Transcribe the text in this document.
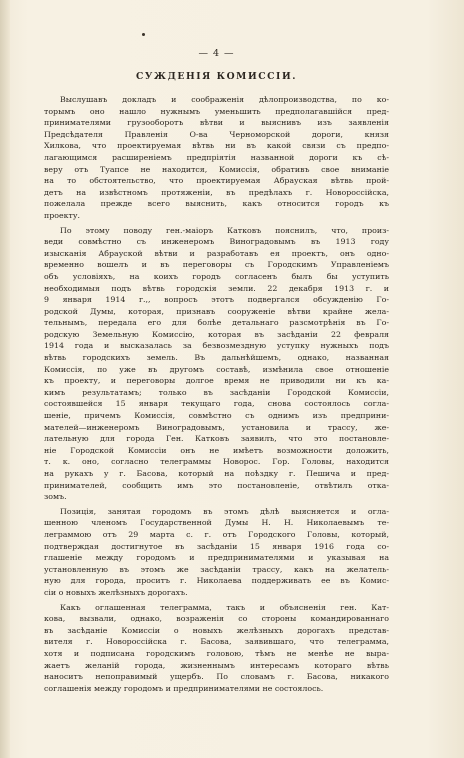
— 4 —
СУЖДЕНІЯ КОМИССІИ.
Выслушавъ докладъ и соображенія дѣлопроизводства, по ко-
торымъ оно нашло нужнымъ уменьшить предполагавшійся пред-
принимателями грузооборотъ вѣтви и выяснивъ изъ заявленія
Предсѣдателя Правленія О-ва Черноморской дороги, князя
Хилкова, что проектируемая вѣтвь ни въ какой связи съ предпо-
лагающимся расширеніемъ предпріятія названной дороги къ сѣ-
веру отъ Туапсе не находится, Комиссія, обративъ свое вниманіе
на то обстоятельство, что проектируемая Абрауская вѣтвь прой-
детъ на извѣстномъ протяженіи, въ предѣлахъ г. Новороссійска,
пожелала прежде всего выяснить, какъ относится городъ къ
проекту.
По этому поводу ген.-маіоръ Катковъ пояснилъ, что, произ-
веди совмѣстно съ инженеромъ Виноградовымъ въ 1913 году
изысканія Абрауской вѣтви и разработавъ ея проектъ, онъ одно-
временно вошелъ и въ переговоры съ Городскимъ Управленіемъ
объ условіяхъ, на коихъ городъ согласенъ былъ бы уступить
необходимыя подъ вѣтвь городскія земли. 22 декабря 1913 г. и
9 января 1914 г.,, вопросъ этотъ подвергался обсужденію Го-
родской Думы, которая, признавъ сооруженіе вѣтви крайне жела-
тельнымъ, передала его для болѣе детальнаго разсмотрѣнія въ Го-
родскую Земельную Комиссію, которая въ засѣданіи 22 февраля
1914 года и высказалась за безвозмездную уступку нужныхъ подъ
вѣтвь городскихъ земель. Въ дальнѣйшемъ, однако, названная
Комиссія, по уже въ другомъ составѣ, измѣнила свое отношеніе
къ проекту, и переговоры долгое время не приводили ни къ ка-
кимъ результатамъ; только въ засѣданіи Городской Комиссіи,
состоявшейся 15 января текущаго года, снова состоялось согла-
шеніе, причемъ Комиссія, совмѣстно съ однимъ изъ предприни-
мателей—инженеромъ Виноградовымъ, установила и трассу, же-
лательную для города Ген. Катковъ заявилъ, что это постановле-
ніе Городской Комиссіи онъ не имѣетъ возможности доложить,
т. к. оно, согласно телеграммы Новорос. Гор. Головы, находится
на рукахъ у г. Басова, который на поѣздку г. Пешича и пред-
принимателей, сообщить имъ это постановленіе, отвѣтилъ отка-
зомъ.
Позиція, занятая городомъ въ этомъ дѣлѣ выясняется и огла-
шенною членомъ Государственной Думы Н. Н. Николаевымъ те-
леграммою отъ 29 марта с. г. отъ Городского Головы, который,
подтверждая достигнутое въ засѣданіи 15 января 1916 года со-
глашеніе между городомъ и предпринимателями и указывая на
установленную въ этомъ же засѣданіи трассу, какъ на желатель-
ную для города, проситъ г. Николаева поддерживать ее въ Комис-
сіи о новыхъ желѣзныхъ дорогахъ.
Какъ оглашенная телеграмма, такъ и объясненія ген. Кат-
кова, вызвали, однако, возраженія со стороны командированнаго
въ засѣданіе Комиссіи о новыхъ желѣзныхъ дорогахъ представ-
вителя г. Новороссійска г. Басова, заявившаго, что телеграмма,
хотя и подписана городскимъ головою, тѣмъ не менѣе не выра-
жаетъ желаній города, жизненнымъ интересамъ котораго вѣтвь
наноситъ непоправимый ущербъ. По словамъ г. Басова, никакого
соглашенія между городомъ и предпринимателями не состоялось.
